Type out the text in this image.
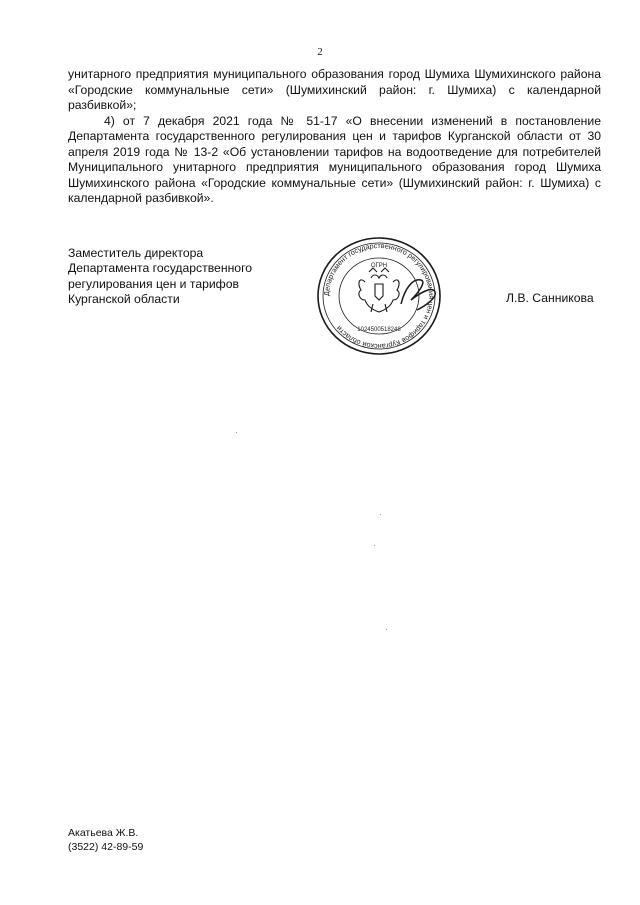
2

унитарного предприятия муниципального образования город Шумиха Шумихинского района «Городские коммунальные сети» (Шумихинский район: г. Шумиха) с календарной разбивкой»;

4) от 7 декабря 2021 года № 51-17 «О внесении изменений в постановление Департамента государственного регулирования цен и тарифов Курганской области от 30 апреля 2019 года № 13-2 «Об установлении тарифов на водоотведение для потребителей Муниципального унитарного предприятия муниципального образования город Шумиха Шумихинского района «Городские коммунальные сети» (Шумихинский район: г. Шумиха) с календарной разбивкой».

Заместитель директора
Департамента государственного
регулирования цен и тарифов
Курганской области	Департамент государственного регулирования цен и тарифов Курганской области
ОГРН
1024500518248
Л.В. Санникова
Акатьева Ж.В.
(3522) 42-89-59
